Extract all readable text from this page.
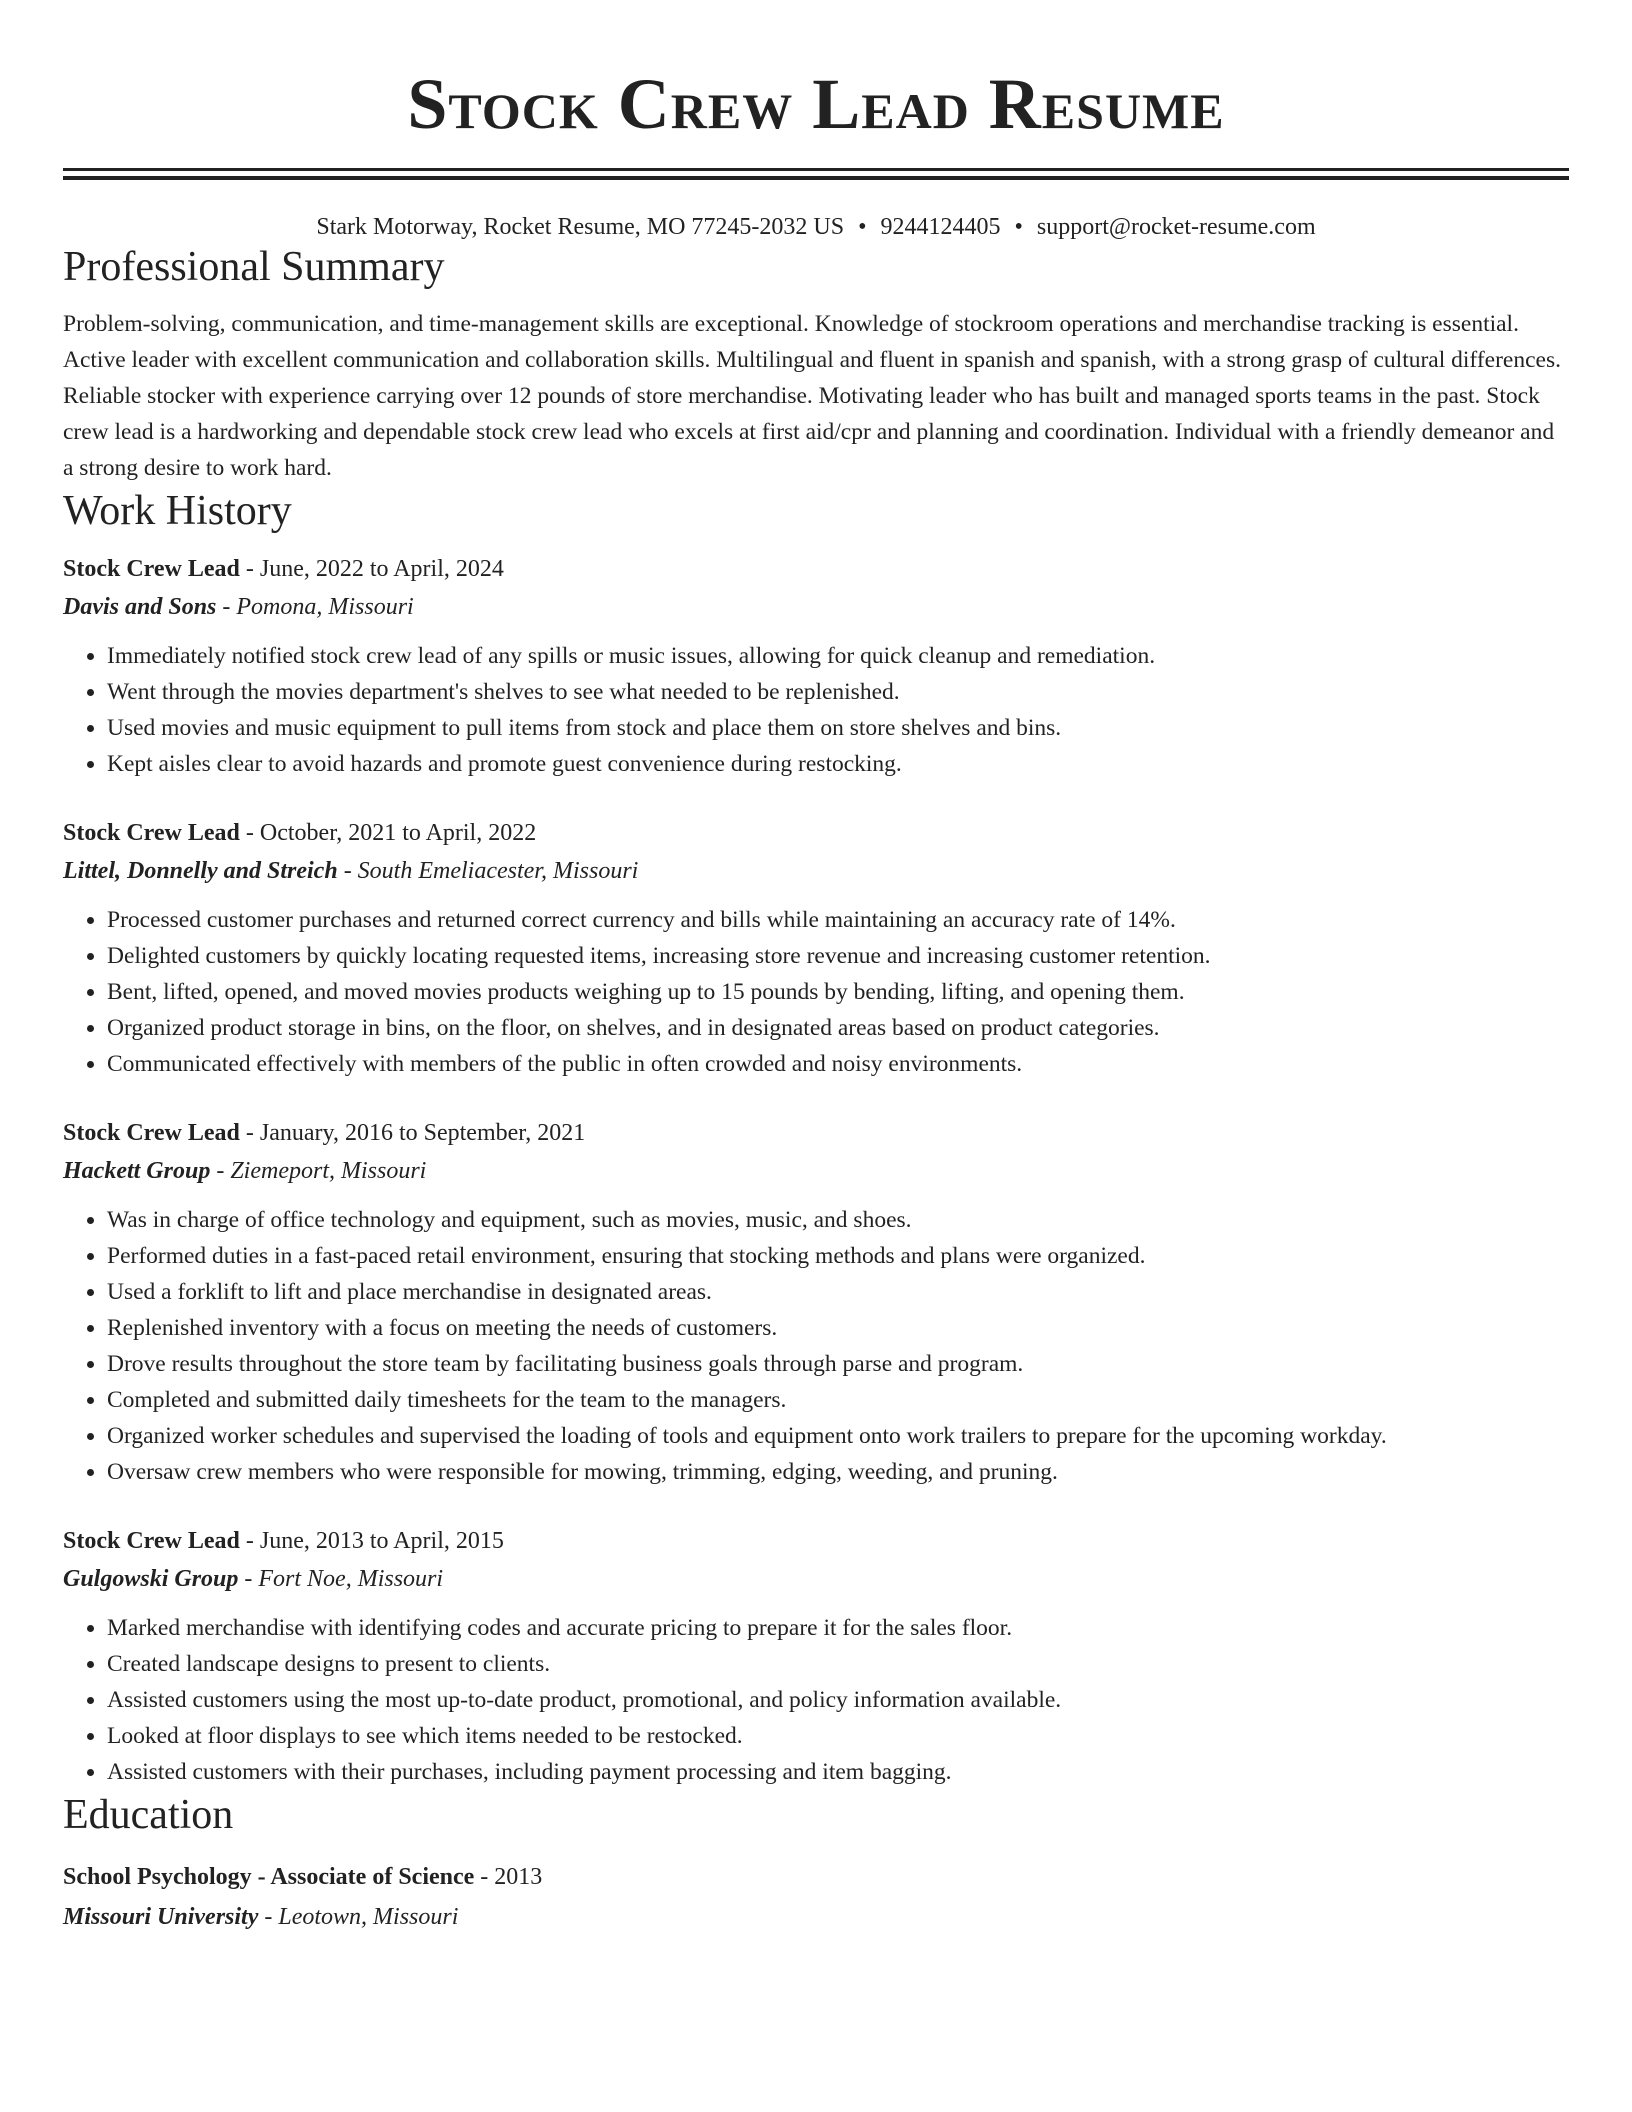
Stock Crew Lead Resume
Stark Motorway, Rocket Resume, MO 77245-2032 US • 9244124405 • support@rocket-resume.com
Professional Summary

Problem-solving, communication, and time-management skills are exceptional. Knowledge of stockroom operations and merchandise tracking is essential. Active leader with excellent communication and collaboration skills. Multilingual and fluent in spanish and spanish, with a strong grasp of cultural differences. Reliable stocker with experience carrying over 12 pounds of store merchandise. Motivating leader who has built and managed sports teams in the past. Stock crew lead is a hardworking and dependable stock crew lead who excels at first aid/cpr and planning and coordination. Individual with a friendly demeanor and a strong desire to work hard.

Work History

Stock Crew Lead - June, 2022 to April, 2024

Davis and Sons - Pomona, Missouri

• Immediately notified stock crew lead of any spills or music issues, allowing for quick cleanup and remediation.
• Went through the movies department's shelves to see what needed to be replenished.
• Used movies and music equipment to pull items from stock and place them on store shelves and bins.
• Kept aisles clear to avoid hazards and promote guest convenience during restocking.

Stock Crew Lead - October, 2021 to April, 2022

Littel, Donnelly and Streich - South Emeliacester, Missouri

• Processed customer purchases and returned correct currency and bills while maintaining an accuracy rate of 14%.
• Delighted customers by quickly locating requested items, increasing store revenue and increasing customer retention.
• Bent, lifted, opened, and moved movies products weighing up to 15 pounds by bending, lifting, and opening them.
• Organized product storage in bins, on the floor, on shelves, and in designated areas based on product categories.
• Communicated effectively with members of the public in often crowded and noisy environments.

Stock Crew Lead - January, 2016 to September, 2021

Hackett Group - Ziemeport, Missouri

• Was in charge of office technology and equipment, such as movies, music, and shoes.
• Performed duties in a fast-paced retail environment, ensuring that stocking methods and plans were organized.
• Used a forklift to lift and place merchandise in designated areas.
• Replenished inventory with a focus on meeting the needs of customers.
• Drove results throughout the store team by facilitating business goals through parse and program.
• Completed and submitted daily timesheets for the team to the managers.
• Organized worker schedules and supervised the loading of tools and equipment onto work trailers to prepare for the upcoming workday.
• Oversaw crew members who were responsible for mowing, trimming, edging, weeding, and pruning.

Stock Crew Lead - June, 2013 to April, 2015

Gulgowski Group - Fort Noe, Missouri

• Marked merchandise with identifying codes and accurate pricing to prepare it for the sales floor.
• Created landscape designs to present to clients.
• Assisted customers using the most up-to-date product, promotional, and policy information available.
• Looked at floor displays to see which items needed to be restocked.
• Assisted customers with their purchases, including payment processing and item bagging.
Education

School Psychology - Associate of Science - 2013

Missouri University - Leotown, Missouri
